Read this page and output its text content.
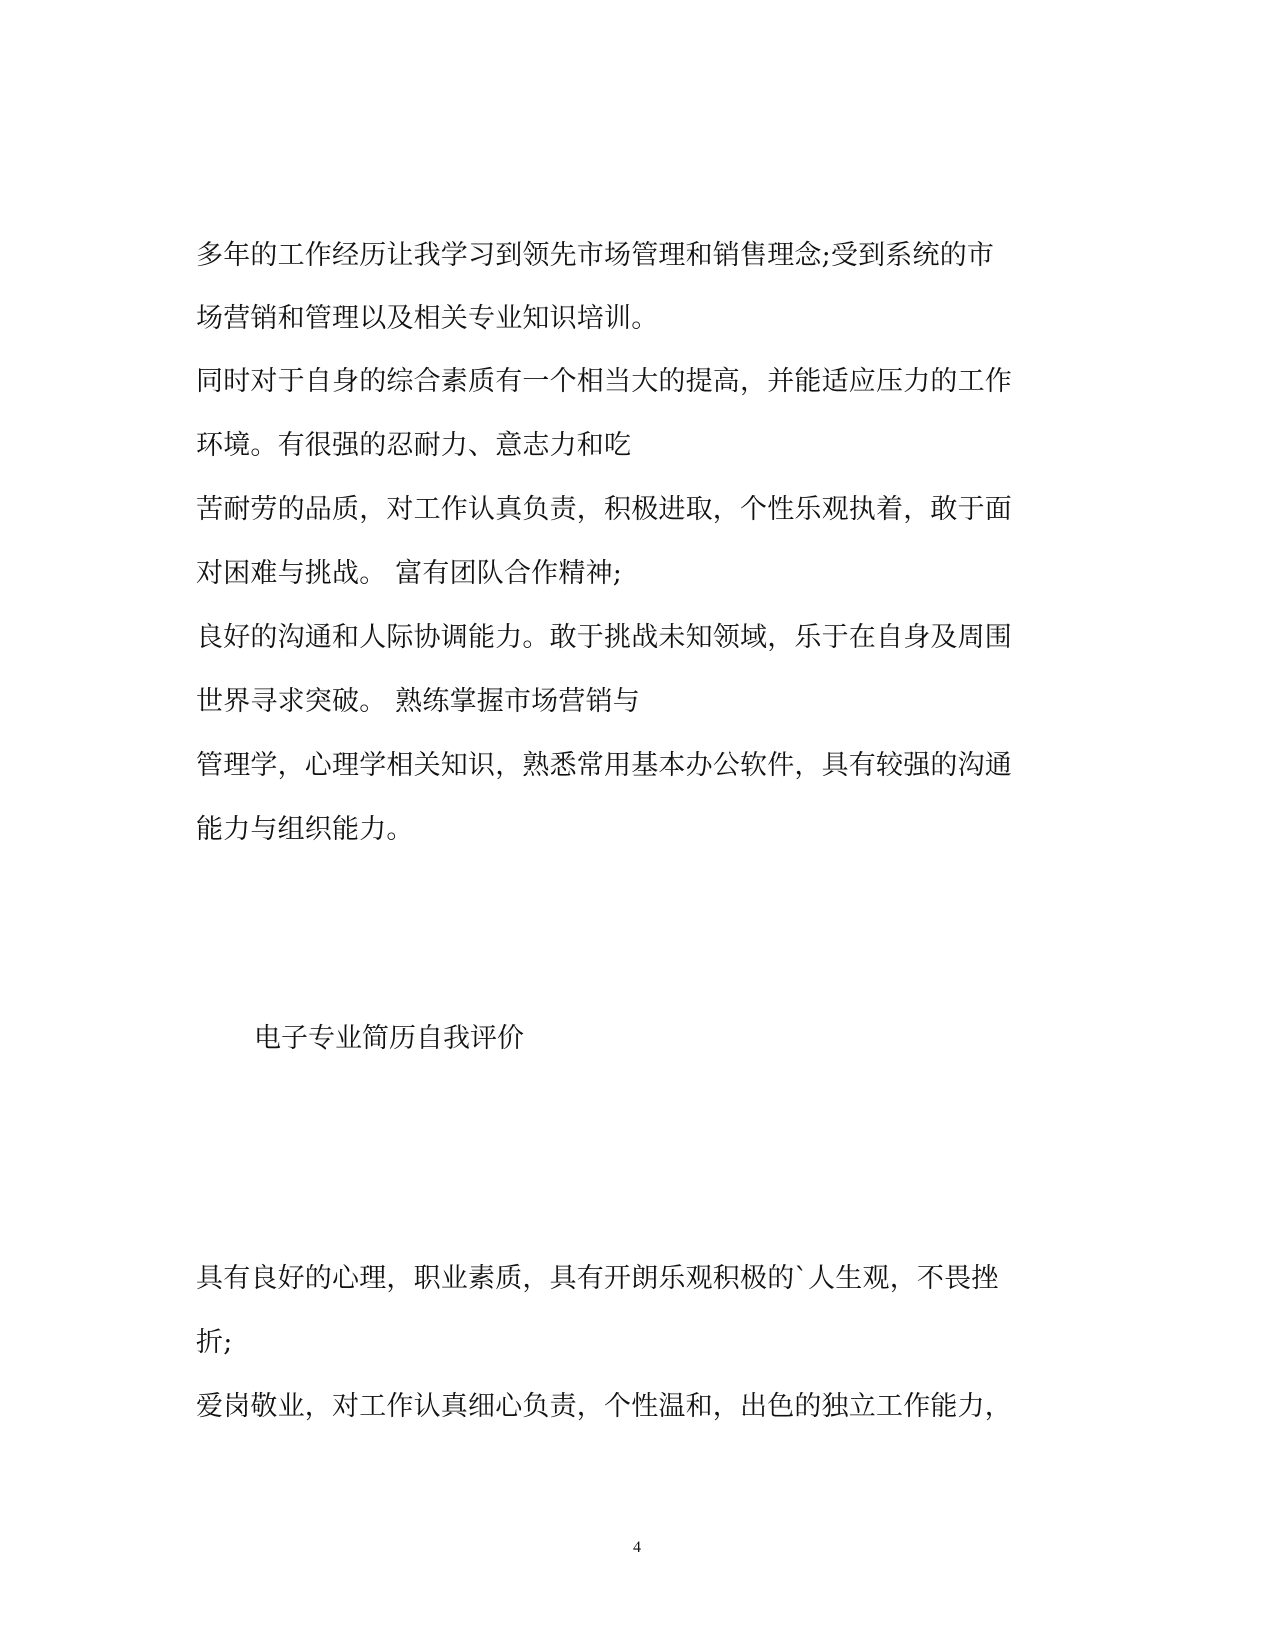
多年的工作经历让我学习到领先市场管理和销售理念;受到系统的市
场营销和管理以及相关专业知识培训。
同时对于自身的综合素质有一个相当大的提高，并能适应压力的工作
环境。有很强的忍耐力、意志力和吃
苦耐劳的品质，对工作认真负责，积极进取，个性乐观执着，敢于面
对困难与挑战。 富有团队合作精神;
良好的沟通和人际协调能力。敢于挑战未知领域，乐于在自身及周围
世界寻求突破。 熟练掌握市场营销与
管理学，心理学相关知识，熟悉常用基本办公软件，具有较强的沟通
能力与组织能力。
电子专业简历自我评价
具有良好的心理，职业素质，具有开朗乐观积极的`人生观，不畏挫
折;
爱岗敬业，对工作认真细心负责，个性温和，出色的独立工作能力，
4
